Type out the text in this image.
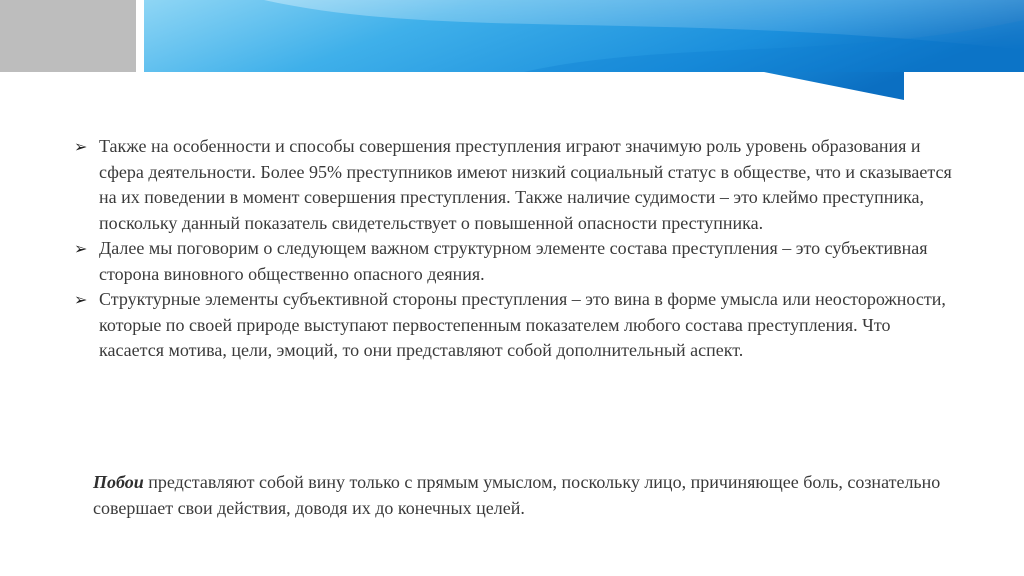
➢ Также на особенности и способы совершения преступления играют значимую роль уровень образования и сфера деятельности. Более 95% преступников имеют низкий социальный статус в обществе, что и сказывается на их поведении в момент совершения преступления. Также наличие судимости – это клеймо преступника, поскольку данный показатель свидетельствует о повышенной опасности преступника.
➢ Далее мы поговорим о следующем важном структурном элементе состава преступления – это субъективная сторона виновного общественно опасного деяния.
➢ Структурные элементы субъективной стороны преступления – это вина в форме умысла или неосторожности, которые по своей природе выступают первостепенным показателем любого состава преступления. Что касается мотива, цели, эмоций, то они представляют собой дополнительный аспект.

Побои представляют собой вину только с прямым умыслом, поскольку лицо, причиняющее боль, сознательно совершает свои действия, доводя их до конечных целей.
